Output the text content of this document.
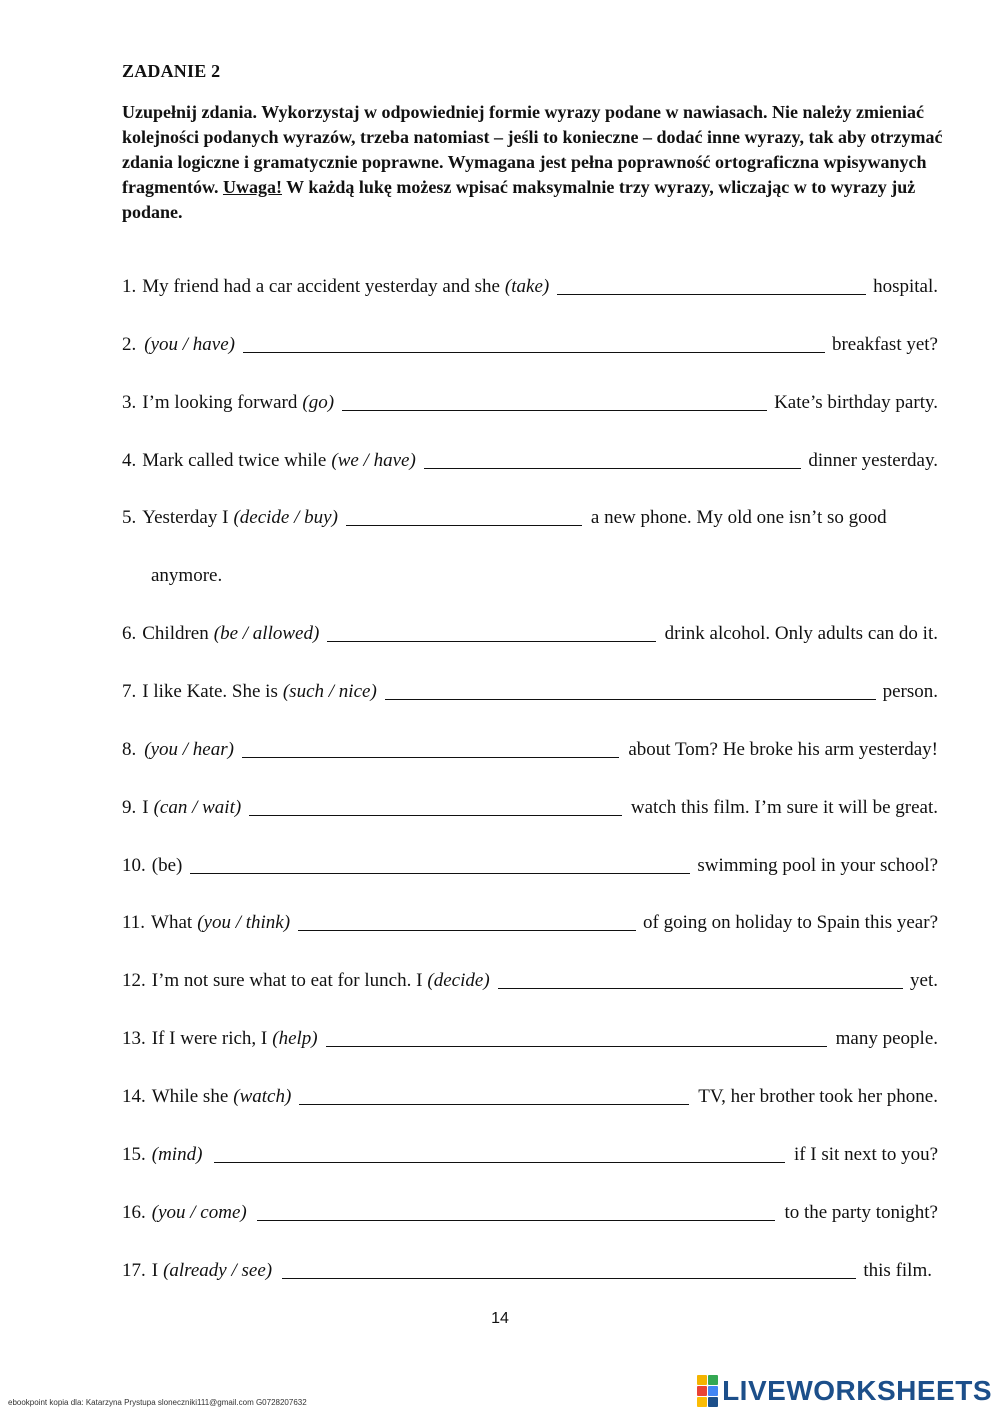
ZADANIE 2
Uzupełnij zdania. Wykorzystaj w odpowiedniej formie wyrazy podane w nawiasach. Nie należy zmieniać kolejności podanych wyrazów, trzeba natomiast – jeśli to konieczne – dodać inne wyrazy, tak aby otrzymać zdania logiczne i gramatycznie poprawne. Wymagana jest pełna poprawność ortograficzna wpisywanych fragmentów. Uwaga! W każdą lukę możesz wpisać maksymalnie trzy wyrazy, wliczając w to wyrazy już podane.
1. My friend had a car accident yesterday and she (take)	hospital.
2. (you / have)	breakfast yet?
3. I’m looking forward (go)	Kate’s birthday party.
4. Mark called twice while (we / have)	dinner yesterday.
5. Yesterday I (decide / buy)	a new phone. My old one isn’t so good
anymore.
6. Children (be / allowed)	drink alcohol. Only adults can do it.
7. I like Kate. She is (such / nice)	person.
8. (you / hear)	about Tom? He broke his arm yesterday!
9. I (can / wait)	watch this film. I’m sure it will be great.
10. (be)	swimming pool in your school?
11. What (you / think)	of going on holiday to Spain this year?
12. I’m not sure what to eat for lunch. I (decide)	yet.
13. If I were rich, I (help)	many people.
14. While she (watch)	TV, her brother took her phone.
15. (mind)	if I sit next to you?
16. (you / come)	to the party tonight?
17. I (already / see)	this film.
14
ebookpoint kopia dla: Katarzyna Prystupa sloneczniki111@gmail.com G0728207632	LIVEWORKSHEETS
